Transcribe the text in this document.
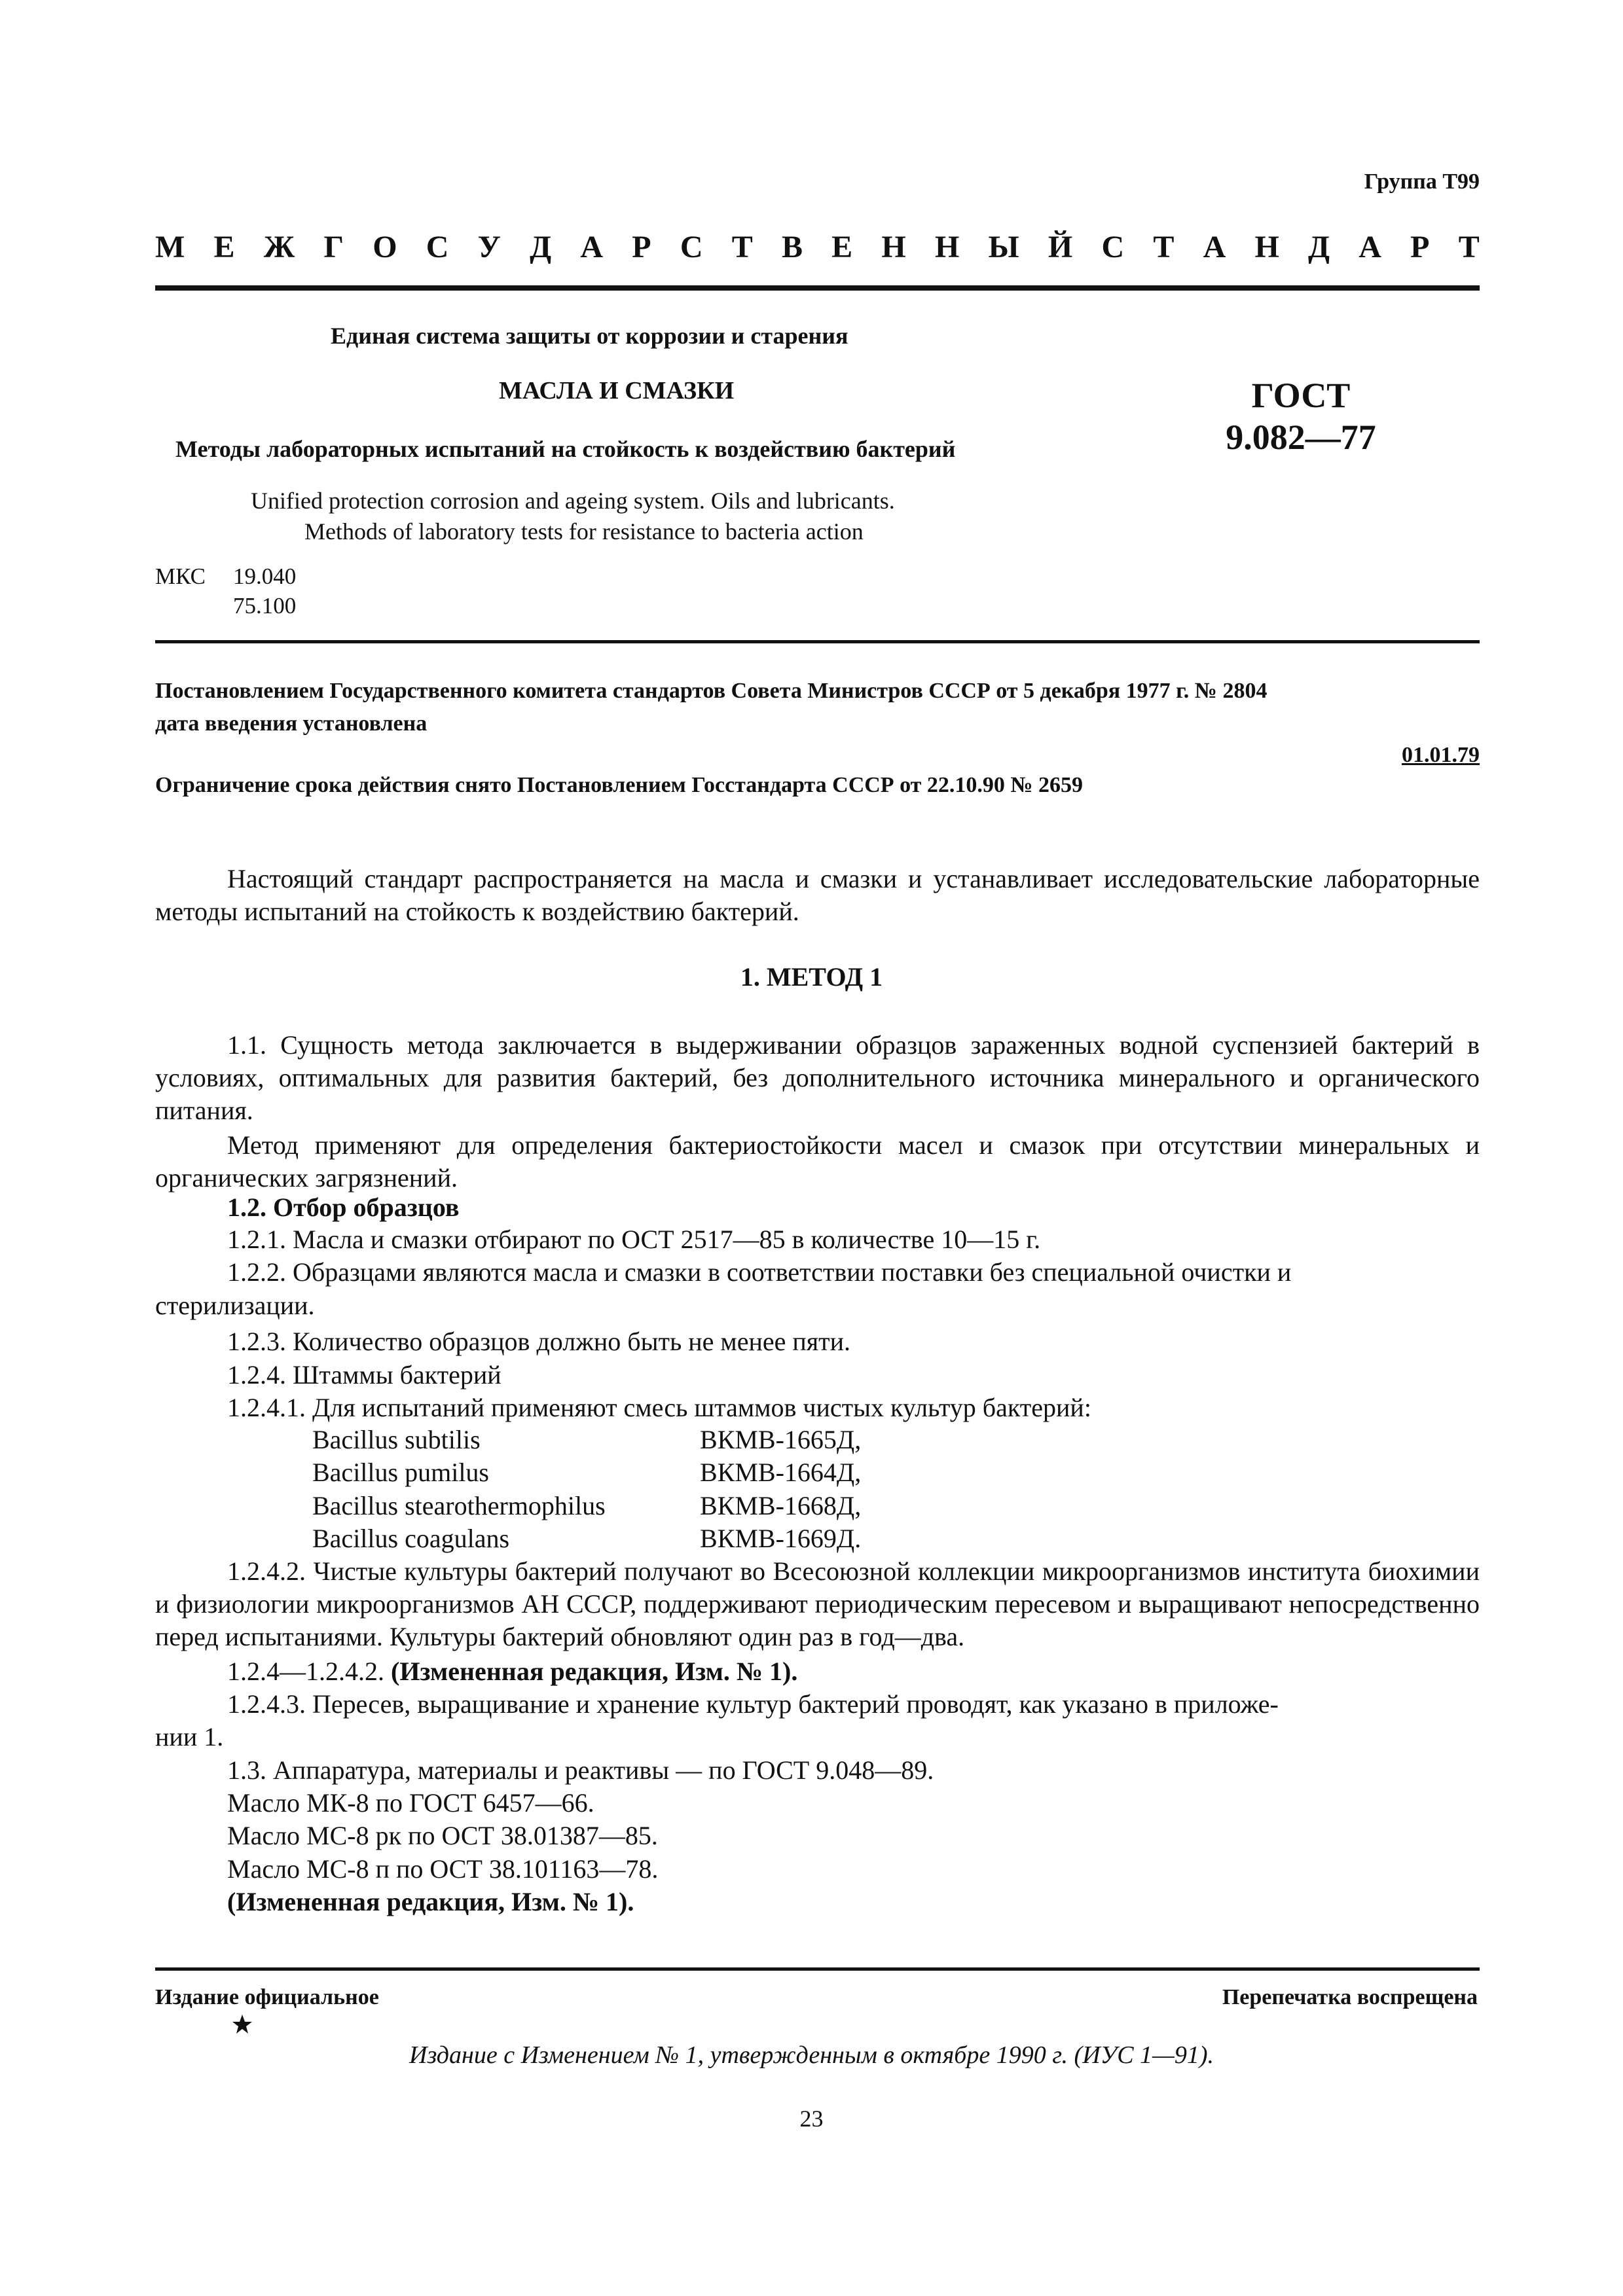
Группа Т99
М Е Ж Г О С У Д А Р С Т В Е Н Н Ы Й С Т А Н Д А Р Т
Единая система защиты от коррозии и старения
МАСЛА И СМАЗКИ
Методы лабораторных испытаний на стойкость к воздействию бактерий
ГОСТ
9.082—77
Unified protection corrosion and ageing system. Oils and lubricants.
Methods of laboratory tests for resistance to bacteria action
МКС 19.040
75.100
Постановлением Государственного комитета стандартов Совета Министров СССР от 5 декабря 1977 г. № 2804
дата введения установлена
01.01.79
Ограничение срока действия снято Постановлением Госстандарта СССР от 22.10.90 № 2659

Настоящий стандарт распространяется на масла и смазки и устанавливает исследовательские лабораторные методы испытаний на стойкость к воздействию бактерий.

1. МЕТОД 1

1.1. Сущность метода заключается в выдерживании образцов зараженных водной суспензией бактерий в условиях, оптимальных для развития бактерий, без дополнительного источника минерального и органического питания.

Метод применяют для определения бактериостойкости масел и смазок при отсутствии минеральных и органических загрязнений.

1.2. Отбор образцов
1.2.1. Масла и смазки отбирают по ОСТ 2517—85 в количестве 10—15 г.
1.2.2. Образцами являются масла и смазки в соответствии поставки без специальной очистки и
стерилизации.
1.2.3. Количество образцов должно быть не менее пяти.
1.2.4. Штаммы бактерий
1.2.4.1. Для испытаний применяют смесь штаммов чистых культур бактерий:
Bacillus subtilis	ВКМВ-1665Д,
Bacillus pumilus	ВКМВ-1664Д,
Bacillus stearothermophilus	ВКМВ-1668Д,
Bacillus coagulans	ВКМВ-1669Д.

1.2.4.2. Чистые культуры бактерий получают во Всесоюзной коллекции микроорганизмов института биохимии и физиологии микроорганизмов АН СССР, поддерживают периодическим пересевом и выращивают непосредственно перед испытаниями. Культуры бактерий обновляют один раз в год—два.

1.2.4—1.2.4.2. (Измененная редакция, Изм. № 1).
1.2.4.3. Пересев, выращивание и хранение культур бактерий проводят, как указано в приложе-
нии 1.
1.3. Аппаратура, материалы и реактивы — по ГОСТ 9.048—89.
Масло МК-8 по ГОСТ 6457—66.
Масло МС-8 рк по ОСТ 38.01387—85.
Масло МС-8 п по ОСТ 38.101163—78.
(Измененная редакция, Изм. № 1).
Издание официальное	Перепечатка воспрещена
Издание с Изменением № 1, утвержденным в октябре 1990 г. (ИУС 1—91).
23
